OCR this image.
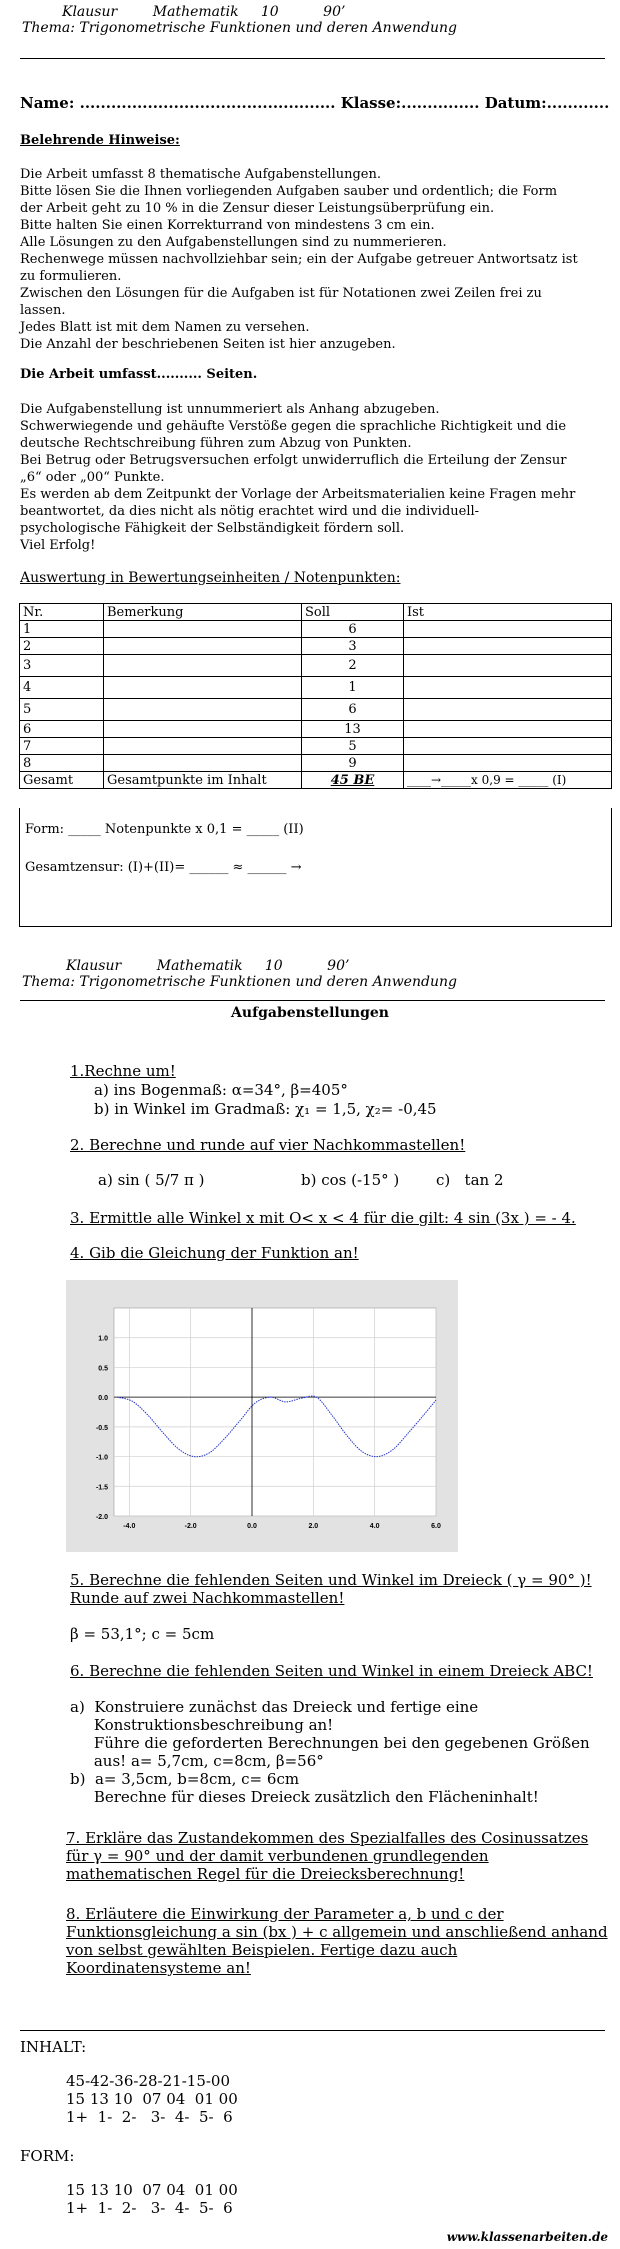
Klausur        Mathematik     10          90’
Thema: Trigonometrische Funktionen und deren Anwendung
Name: ................................................. Klasse:............... Datum:............
Belehrende Hinweise:

Die Arbeit umfasst 8 thematische Aufgabenstellungen.

Bitte lösen Sie die Ihnen vorliegenden Aufgaben sauber und ordentlich; die Form

der Arbeit geht zu 10 % in die Zensur dieser Leistungsüberprüfung ein.

Bitte halten Sie einen Korrekturrand von mindestens 3 cm ein.

Alle Lösungen zu den Aufgabenstellungen sind zu nummerieren.

Rechenwege müssen nachvollziehbar sein; ein der Aufgabe getreuer Antwortsatz ist

zu formulieren.

Zwischen den Lösungen für die Aufgaben ist für Notationen zwei Zeilen frei zu

lassen.

Jedes Blatt ist mit dem Namen zu versehen.

Die Anzahl der beschriebenen Seiten ist hier anzugeben.

Die Arbeit umfasst.......... Seiten.

Die Aufgabenstellung ist unnummeriert als Anhang abzugeben.

Schwerwiegende und gehäufte Verstöße gegen die sprachliche Richtigkeit und die

deutsche Rechtschreibung führen zum Abzug von Punkten.

Bei Betrug oder Betrugsversuchen erfolgt unwiderruflich die Erteilung der Zensur

„6“ oder „00“ Punkte.

Es werden ab dem Zeitpunkt der Vorlage der Arbeitsmaterialien keine Fragen mehr

beantwortet, da dies nicht als nötig erachtet wird und die individuell-

psychologische Fähigkeit der Selbständigkeit fördern soll.

Viel Erfolg!

Auswertung in Bewertungseinheiten / Notenpunkten:
Nr.	Bemerkung	Soll	Ist
1		6	
2		3	
3		2	
4		1	
5		6	
6		13	
7		5	
8		9	
Gesamt	Gesamtpunkte im Inhalt	45 BE	____→_____x 0,9 = _____ (I)
Form: _____ Notenpunkte x 0,1 = _____ (II)
Gesamtzensur: (I)+(II)= ______ ≈ ______ →
Klausur        Mathematik     10          90’
Thema: Trigonometrische Funktionen und deren Anwendung
Aufgabenstellungen
1.Rechne um!
a) ins Bogenmaß: α=34°, β=405°
b) in Winkel im Gradmaß: χ₁ = 1,5, χ₂= -0,45
2. Berechne und runde auf vier Nachkommastellen!
a) sin ( 5/7 π )	b) cos (-15° ) c)   tan 2
3. Ermittle alle Winkel x mit O< x < 4 für die gilt: 4 sin (3x ) = - 4.
4. Gib die Gleichung der Funktion an!
-4.0	-2.0	0.0	2.0	4.0	6.0
1.0
0.5
0.0
-0.5
-1.0
-1.5
-2.0
5. Berechne die fehlenden Seiten und Winkel im Dreieck ( γ = 90° )!
Runde auf zwei Nachkommastellen!
β = 53,1°; c = 5cm
6. Berechne die fehlenden Seiten und Winkel in einem Dreieck ABC!

a)  Konstruiere zunächst das Dreieck und fertige eine

Konstruktionsbeschreibung an!

Führe die geforderten Berechnungen bei den gegebenen Größen

aus! a= 5,7cm, c=8cm, β=56°

b)  a= 3,5cm, b=8cm, c= 6cm

Berechne für dieses Dreieck zusätzlich den Flächeninhalt!

7. Erkläre das Zustandekommen des Spezialfalles des Cosinussatzes

für γ = 90° und der damit verbundenen grundlegenden

mathematischen Regel für die Dreiecksberechnung!

8. Erläutere die Einwirkung der Parameter a, b und c der

Funktionsgleichung a sin (bx ) + c allgemein und anschließend anhand

von selbst gewählten Beispielen. Fertige dazu auch

Koordinatensysteme an!

INHALT:

45-42-36-28-21-15-00

15 13 10  07 04  01 00

1+  1-  2-   3-  4-  5-  6

FORM:

15 13 10  07 04  01 00

1+  1-  2-   3-  4-  5-  6

www.klassenarbeiten.de
